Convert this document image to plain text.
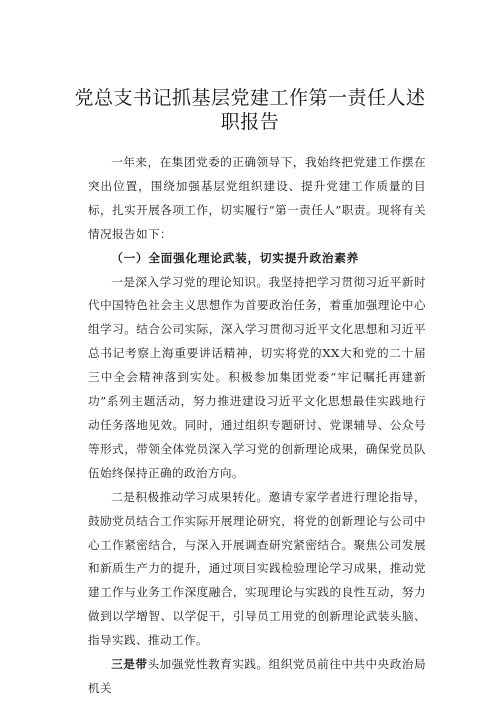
党总支书记抓基层党建工作第一责任人述职报告

一年来，在集团党委的正确领导下，我始终把党建工作摆在突出位置，围绕加强基层党组织建设、提升党建工作质量的目标，扎实开展各项工作，切实履行“第一责任人”职责。现将有关情况报告如下：

（一）全面强化理论武装，切实提升政治素养

一是深入学习党的理论知识。我坚持把学习贯彻习近平新时代中国特色社会主义思想作为首要政治任务，着重加强理论中心组学习。结合公司实际，深入学习贯彻习近平文化思想和习近平总书记考察上海重要讲话精神，切实将党的XX大和党的二十届三中全会精神落到实处。积极参加集团党委“牢记嘱托再建新功”系列主题活动，努力推进建设习近平文化思想最佳实践地行动任务落地见效。同时，通过组织专题研讨、党课辅导、公众号等形式，带领全体党员深入学习党的创新理论成果，确保党员队伍始终保持正确的政治方向。

二是积极推动学习成果转化。邀请专家学者进行理论指导，鼓励党员结合工作实际开展理论研究，将党的创新理论与公司中心工作紧密结合，与深入开展调查研究紧密结合。聚焦公司发展和新质生产力的提升，通过项目实践检验理论学习成果，推动党建工作与业务工作深度融合，实现理论与实践的良性互动，努力做到以学增智、以学促干，引导员工用党的创新理论武装头脑、指导实践、推动工作。

三是带头加强党性教育实践。组织党员前往中共中央政治局机关
